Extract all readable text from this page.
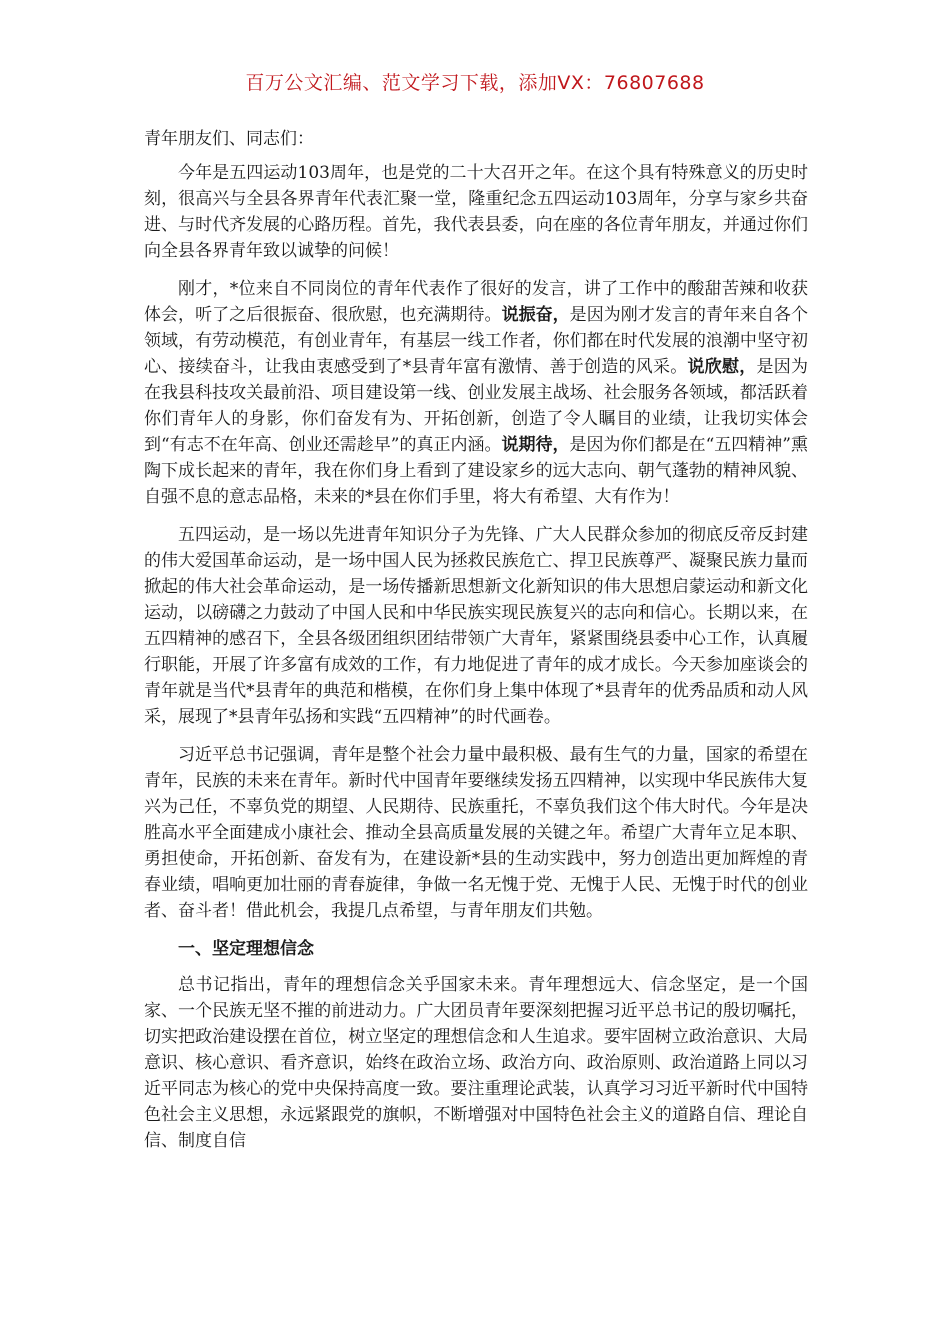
百万公文汇编、范文学习下载，添加VX：76807688

青年朋友们、同志们：

今年是五四运动103周年，也是党的二十大召开之年。在这个具有特殊意义的历史时刻，很高兴与全县各界青年代表汇聚一堂，隆重纪念五四运动103周年，分享与家乡共奋进、与时代齐发展的心路历程。首先，我代表县委，向在座的各位青年朋友，并通过你们向全县各界青年致以诚挚的问候！

刚才，*位来自不同岗位的青年代表作了很好的发言，讲了工作中的酸甜苦辣和收获体会，听了之后很振奋、很欣慰，也充满期待。说振奋，是因为刚才发言的青年来自各个领域，有劳动模范，有创业青年，有基层一线工作者，你们都在时代发展的浪潮中坚守初心、接续奋斗，让我由衷感受到了*县青年富有激情、善于创造的风采。说欣慰，是因为在我县科技攻关最前沿、项目建设第一线、创业发展主战场、社会服务各领域，都活跃着你们青年人的身影，你们奋发有为、开拓创新，创造了令人瞩目的业绩，让我切实体会到“有志不在年高、创业还需趁早”的真正内涵。说期待，是因为你们都是在“五四精神”熏陶下成长起来的青年，我在你们身上看到了建设家乡的远大志向、朝气蓬勃的精神风貌、自强不息的意志品格，未来的*县在你们手里，将大有希望、大有作为！

五四运动，是一场以先进青年知识分子为先锋、广大人民群众参加的彻底反帝反封建的伟大爱国革命运动，是一场中国人民为拯救民族危亡、捍卫民族尊严、凝聚民族力量而掀起的伟大社会革命运动，是一场传播新思想新文化新知识的伟大思想启蒙运动和新文化运动，以磅礴之力鼓动了中国人民和中华民族实现民族复兴的志向和信心。长期以来，在五四精神的感召下，全县各级团组织团结带领广大青年，紧紧围绕县委中心工作，认真履行职能，开展了许多富有成效的工作，有力地促进了青年的成才成长。今天参加座谈会的青年就是当代*县青年的典范和楷模，在你们身上集中体现了*县青年的优秀品质和动人风采，展现了*县青年弘扬和实践“五四精神”的时代画卷。

习近平总书记强调，青年是整个社会力量中最积极、最有生气的力量，国家的希望在青年，民族的未来在青年。新时代中国青年要继续发扬五四精神，以实现中华民族伟大复兴为己任，不辜负党的期望、人民期待、民族重托，不辜负我们这个伟大时代。今年是决胜高水平全面建成小康社会、推动全县高质量发展的关键之年。希望广大青年立足本职、勇担使命，开拓创新、奋发有为，在建设新*县的生动实践中，努力创造出更加辉煌的青春业绩，唱响更加壮丽的青春旋律，争做一名无愧于党、无愧于人民、无愧于时代的创业者、奋斗者！借此机会，我提几点希望，与青年朋友们共勉。

一、坚定理想信念

总书记指出，青年的理想信念关乎国家未来。青年理想远大、信念坚定，是一个国家、一个民族无坚不摧的前进动力。广大团员青年要深刻把握习近平总书记的殷切嘱托，切实把政治建设摆在首位，树立坚定的理想信念和人生追求。要牢固树立政治意识、大局意识、核心意识、看齐意识，始终在政治立场、政治方向、政治原则、政治道路上同以习近平同志为核心的党中央保持高度一致。要注重理论武装，认真学习习近平新时代中国特色社会主义思想，永远紧跟党的旗帜，不断增强对中国特色社会主义的道路自信、理论自信、制度自信
